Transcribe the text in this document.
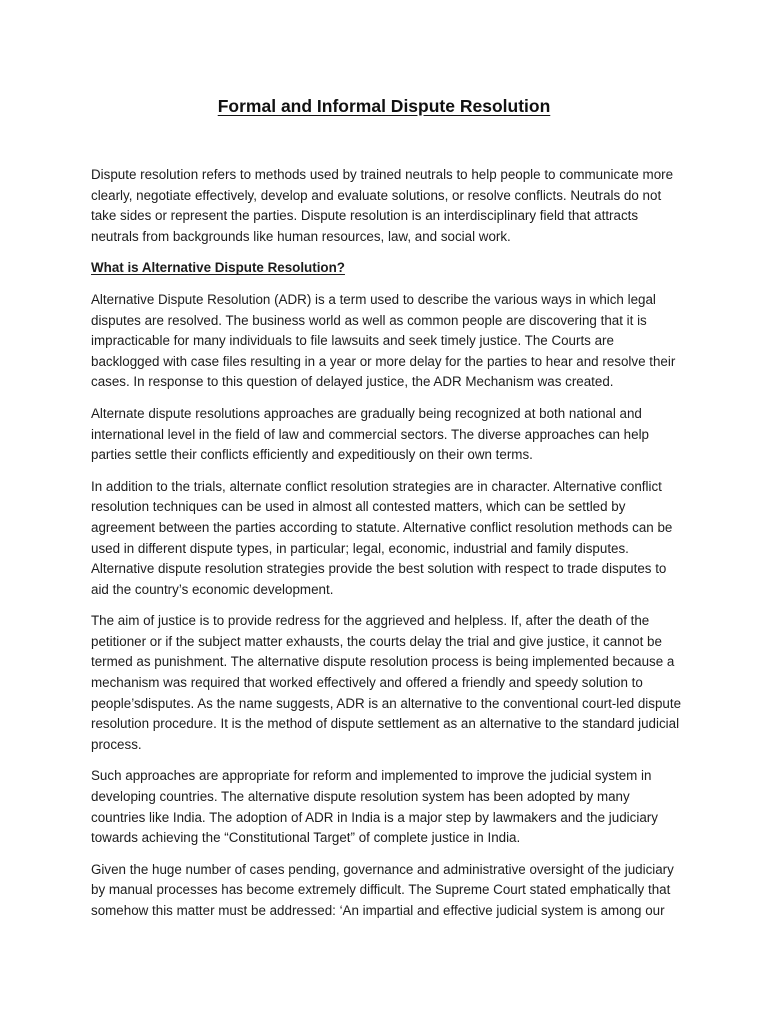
Formal and Informal Dispute Resolution

Dispute resolution refers to methods used by trained neutrals to help people to communicate more clearly, negotiate effectively, develop and evaluate solutions, or resolve conflicts. Neutrals do not take sides or represent the parties. Dispute resolution is an interdisciplinary field that attracts neutrals from backgrounds like human resources, law, and social work.

What is Alternative Dispute Resolution?

Alternative Dispute Resolution (ADR) is a term used to describe the various ways in which legal disputes are resolved. The business world as well as common people are discovering that it is impracticable for many individuals to file lawsuits and seek timely justice. The Courts are backlogged with case files resulting in a year or more delay for the parties to hear and resolve their cases. In response to this question of delayed justice, the ADR Mechanism was created.

Alternate dispute resolutions approaches are gradually being recognized at both national and international level in the field of law and commercial sectors. The diverse approaches can help parties settle their conflicts efficiently and expeditiously on their own terms.

In addition to the trials, alternate conflict resolution strategies are in character. Alternative conflict resolution techniques can be used in almost all contested matters, which can be settled by agreement between the parties according to statute. Alternative conflict resolution methods can be used in different dispute types, in particular; legal, economic, industrial and family disputes. Alternative dispute resolution strategies provide the best solution with respect to trade disputes to aid the country’s economic development.

The aim of justice is to provide redress for the aggrieved and helpless. If, after the death of the petitioner or if the subject matter exhausts, the courts delay the trial and give justice, it cannot be termed as punishment. The alternative dispute resolution process is being implemented because a mechanism was required that worked effectively and offered a friendly and speedy solution to people’sdisputes. As the name suggests, ADR is an alternative to the conventional court-led dispute resolution procedure. It is the method of dispute settlement as an alternative to the standard judicial process.

Such approaches are appropriate for reform and implemented to improve the judicial system in developing countries. The alternative dispute resolution system has been adopted by many countries like India. The adoption of ADR in India is a major step by lawmakers and the judiciary towards achieving the “Constitutional Target” of complete justice in India.

Given the huge number of cases pending, governance and administrative oversight of the judiciary by manual processes has become extremely difficult. The Supreme Court stated emphatically that somehow this matter must be addressed: ‘An impartial and effective judicial system is among our
